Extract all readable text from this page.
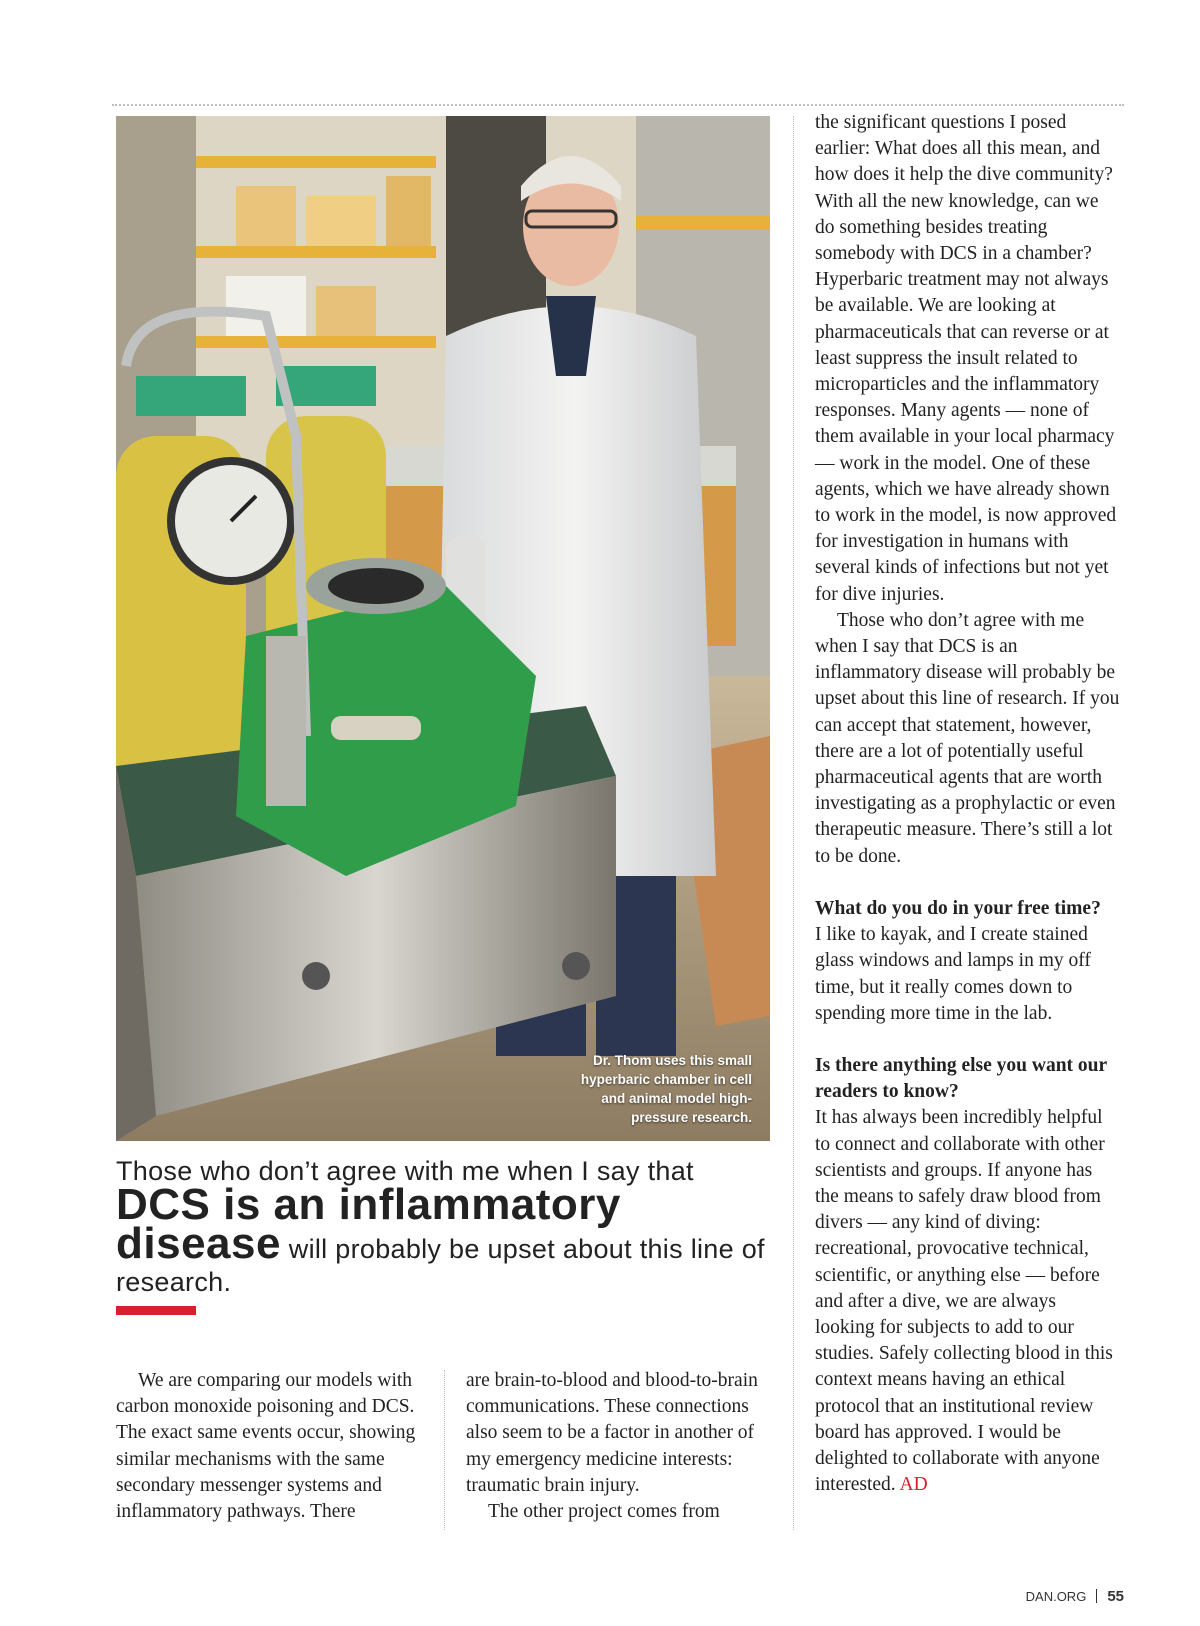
Dr. Thom uses this small hyperbaric chamber in cell and animal model high-pressure research.
Those who don’t agree with me when I say that DCS is an inflammatory disease will probably be upset about this line of research.

We are comparing our models with carbon monoxide poisoning and DCS. The exact same events occur, showing similar mechanisms with the same secondary messenger systems and inflammatory pathways. There

are brain-to-blood and blood-to-brain communications. These connections also seem to be a factor in another of my emergency medicine interests: traumatic brain injury.

The other project comes from

the significant questions I posed earlier: What does all this mean, and how does it help the dive community? With all the new knowledge, can we do something besides treating somebody with DCS in a chamber? Hyperbaric treatment may not always be available. We are looking at pharmaceuticals that can reverse or at least suppress the insult related to microparticles and the inflammatory responses. Many agents — none of them available in your local pharmacy — work in the model. One of these agents, which we have already shown to work in the model, is now approved for investigation in humans with several kinds of infections but not yet for dive injuries.

Those who don’t agree with me when I say that DCS is an inflammatory disease will probably be upset about this line of research. If you can accept that statement, however, there are a lot of potentially useful pharmaceutical agents that are worth investigating as a prophylactic or even therapeutic measure. There’s still a lot to be done.

What do you do in your free time?

I like to kayak, and I create stained glass windows and lamps in my off time, but it really comes down to spending more time in the lab.

Is there anything else you want our readers to know?

It has always been incredibly helpful to connect and collaborate with other scientists and groups. If anyone has the means to safely draw blood from divers — any kind of diving: recreational, provocative technical, scientific, or anything else — before and after a dive, we are always looking for subjects to add to our studies. Safely collecting blood in this context means having an ethical protocol that an institutional review board has approved. I would be delighted to collaborate with anyone interested. AD

DAN.ORG 55
